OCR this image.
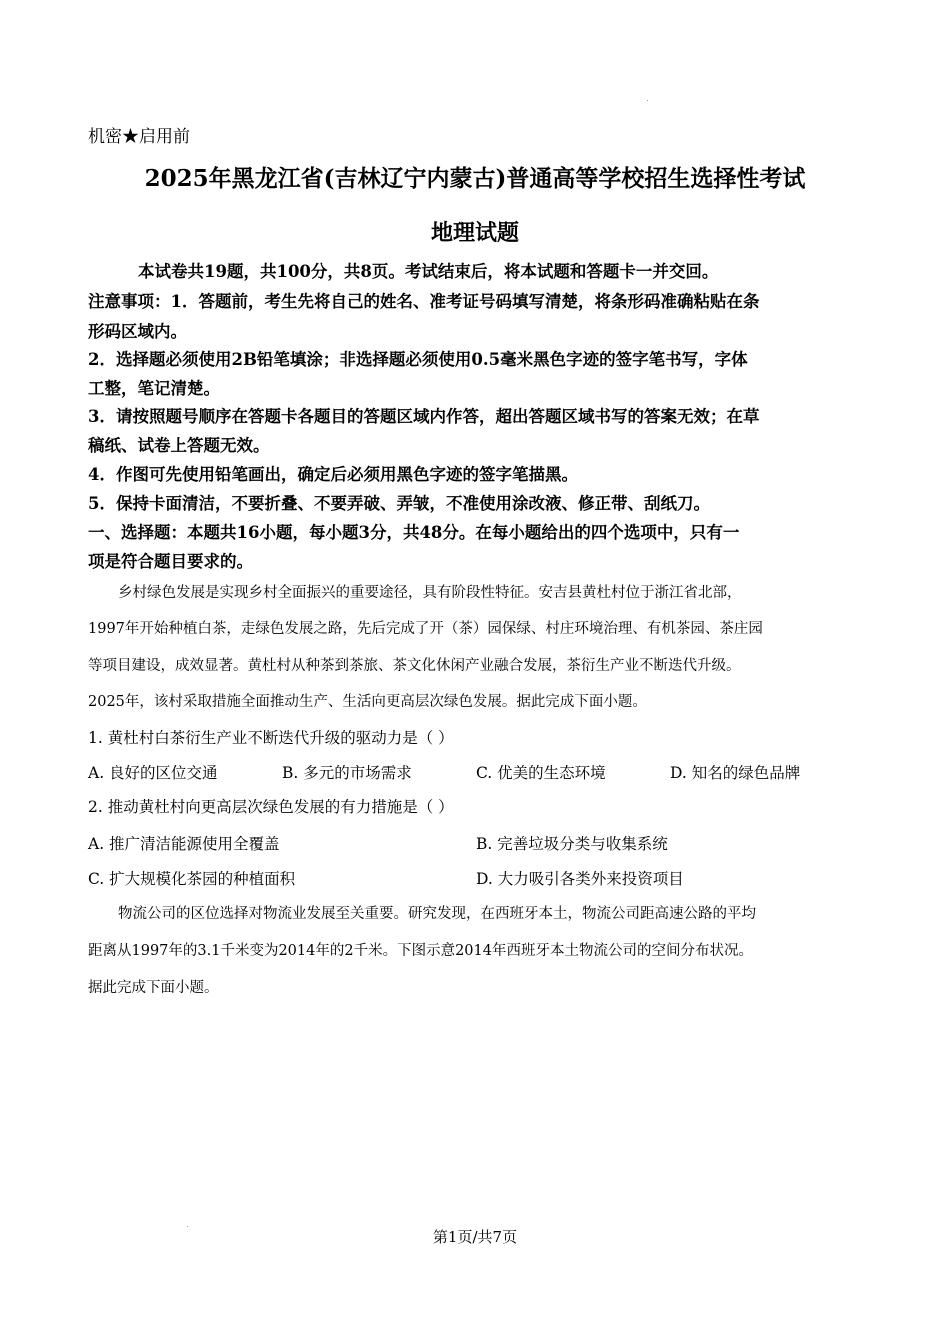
机密★启用前
2025年黑龙江省(吉林辽宁内蒙古)普通高等学校招生选择性考试
地理试题
本试卷共19题，共100分，共8页。考试结束后，将本试题和答题卡一并交回。
注意事项：1．答题前，考生先将自己的姓名、准考证号码填写清楚，将条形码准确粘贴在条
形码区域内。
2．选择题必须使用2B铅笔填涂；非选择题必须使用0.5毫米黑色字迹的签字笔书写，字体
工整，笔记清楚。
3．请按照题号顺序在答题卡各题目的答题区域内作答，超出答题区域书写的答案无效；在草
稿纸、试卷上答题无效。
4．作图可先使用铅笔画出，确定后必须用黑色字迹的签字笔描黑。
5．保持卡面清洁，不要折叠、不要弄破、弄皱，不准使用涂改液、修正带、刮纸刀。
一、选择题：本题共16小题，每小题3分，共48分。在每小题给出的四个选项中，只有一
项是符合题目要求的。
乡村绿色发展是实现乡村全面振兴的重要途径，具有阶段性特征。安吉县黄杜村位于浙江省北部，
1997年开始种植白茶，走绿色发展之路，先后完成了开（茶）园保绿、村庄环境治理、有机茶园、茶庄园
等项目建设，成效显著。黄杜村从种茶到茶旅、茶文化休闲产业融合发展，茶衍生产业不断迭代升级。
2025年，该村采取措施全面推动生产、生活向更高层次绿色发展。据此完成下面小题。
1. 黄杜村白茶衍生产业不断迭代升级的驱动力是（ ）
A. 良好的区位交通	B. 多元的市场需求	C. 优美的生态环境	D. 知名的绿色品牌
2. 推动黄杜村向更高层次绿色发展的有力措施是（ ）
A. 推广清洁能源使用全覆盖	B. 完善垃圾分类与收集系统
C. 扩大规模化茶园的种植面积	D. 大力吸引各类外来投资项目
物流公司的区位选择对物流业发展至关重要。研究发现，在西班牙本土，物流公司距高速公路的平均
距离从1997年的3.1千米变为2014年的2千米。下图示意2014年西班牙本土物流公司的空间分布状况。
据此完成下面小题。
第1页/共7页
